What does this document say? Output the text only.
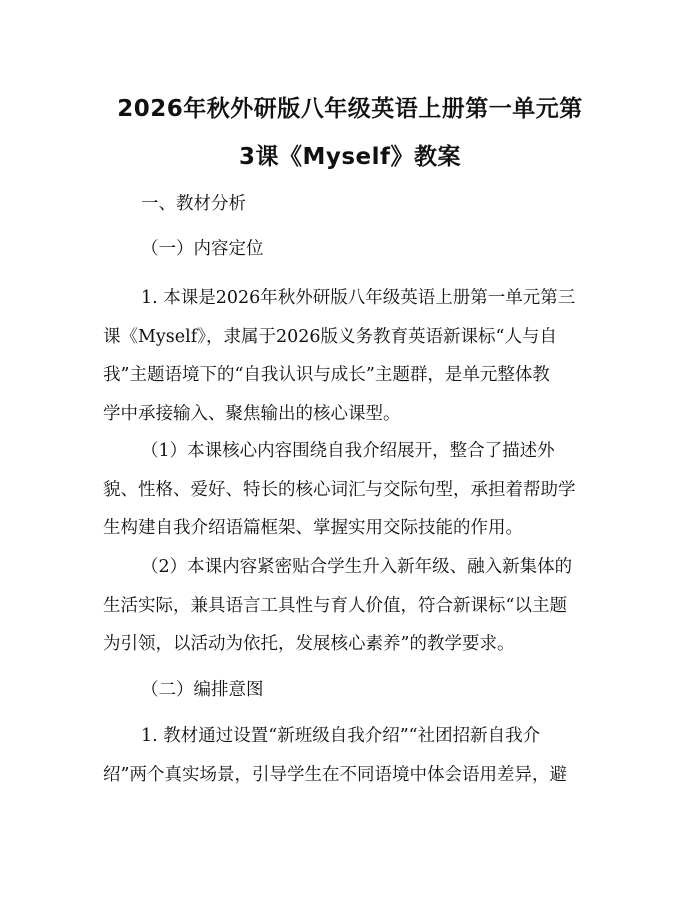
2026年秋外研版八年级英语上册第一单元第
3课《Myself》教案
一、教材分析
（一）内容定位
1. 本课是2026年秋外研版八年级英语上册第一单元第三
课《Myself》，隶属于2026版义务教育英语新课标“人与自
我”主题语境下的“自我认识与成长”主题群，是单元整体教
学中承接输入、聚焦输出的核心课型。
（1）本课核心内容围绕自我介绍展开，整合了描述外
貌、性格、爱好、特长的核心词汇与交际句型，承担着帮助学
生构建自我介绍语篇框架、掌握实用交际技能的作用。
（2）本课内容紧密贴合学生升入新年级、融入新集体的
生活实际，兼具语言工具性与育人价值，符合新课标“以主题
为引领，以活动为依托，发展核心素养”的教学要求。
（二）编排意图
1. 教材通过设置“新班级自我介绍”“社团招新自我介
绍”两个真实场景，引导学生在不同语境中体会语用差异，避
